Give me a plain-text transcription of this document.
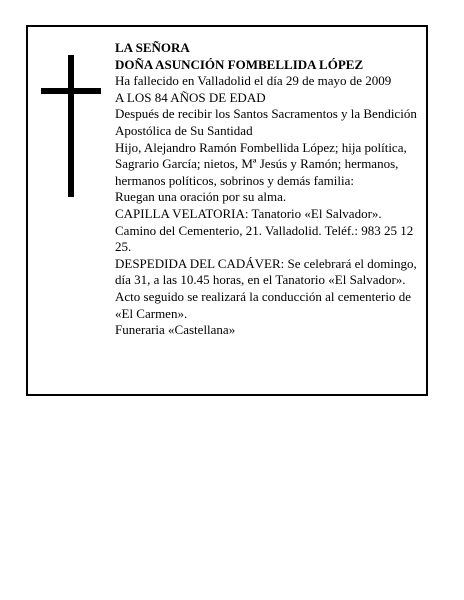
LA SEÑORA

DOÑA ASUNCIÓN FOMBELLIDA LÓPEZ

Ha fallecido en Valladolid el día 29 de mayo de 2009

A LOS 84 AÑOS DE EDAD

Después de recibir los Santos Sacramentos y la Bendición Apostólica de Su Santidad

Hijo, Alejandro Ramón Fombellida López; hija política, Sagrario García; nietos, Mª Jesús y Ramón; hermanos, hermanos políticos, sobrinos y demás familia:

Ruegan una oración por su alma.

CAPILLA VELATORIA: Tanatorio «El Salvador». Camino del Cementerio, 21. Valladolid. Teléf.: 983 25 12 25.

DESPEDIDA DEL CADÁVER: Se celebrará el domingo, día 31, a las 10.45 horas, en el Tanatorio «El Salvador». Acto seguido se realizará la conducción al cementerio de «El Carmen».

Funeraria «Castellana»
